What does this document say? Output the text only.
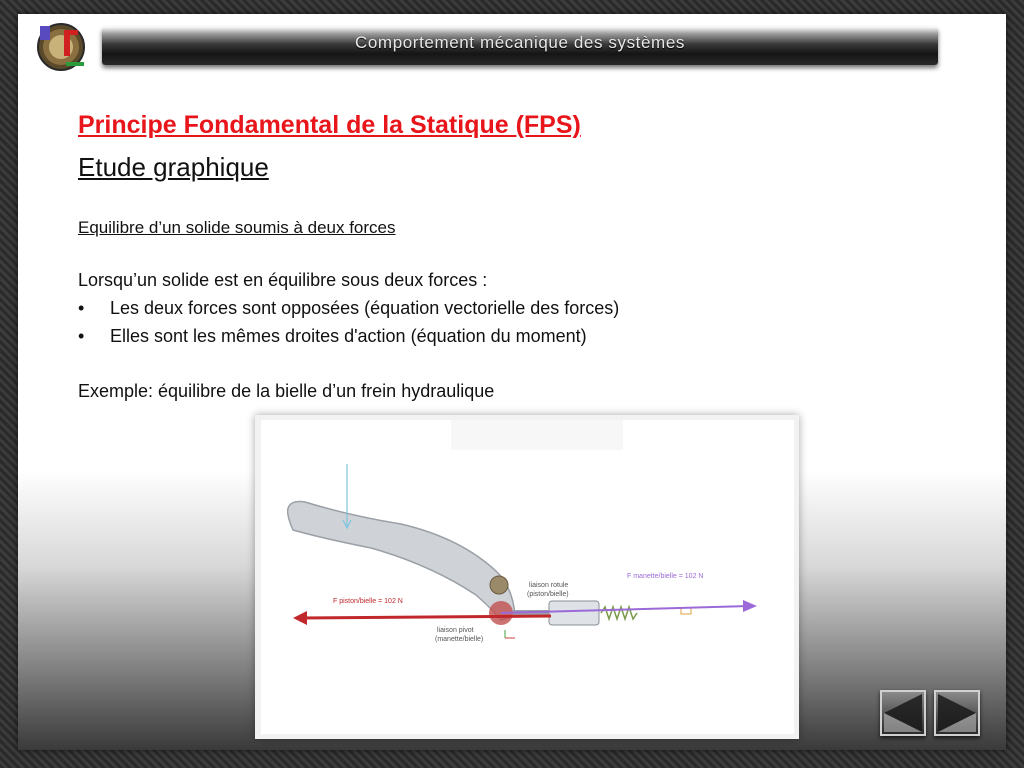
Comportement mécanique des systèmes
Principe Fondamental de la Statique (FPS)
Etude graphique
Equilibre d’un solide soumis à deux forces
Lorsqu’un solide est en équilibre sous deux forces :
• Les deux forces sont opposées (équation vectorielle des forces)
• Elles sont les mêmes droites d'action (équation du moment)
Exemple: équilibre de la bielle d’un frein hydraulique
F piston/bielle = 102 N
F manette/bielle = 102 N
liaison rotule
(piston/bielle)
liaison pivot
(manette/bielle)
